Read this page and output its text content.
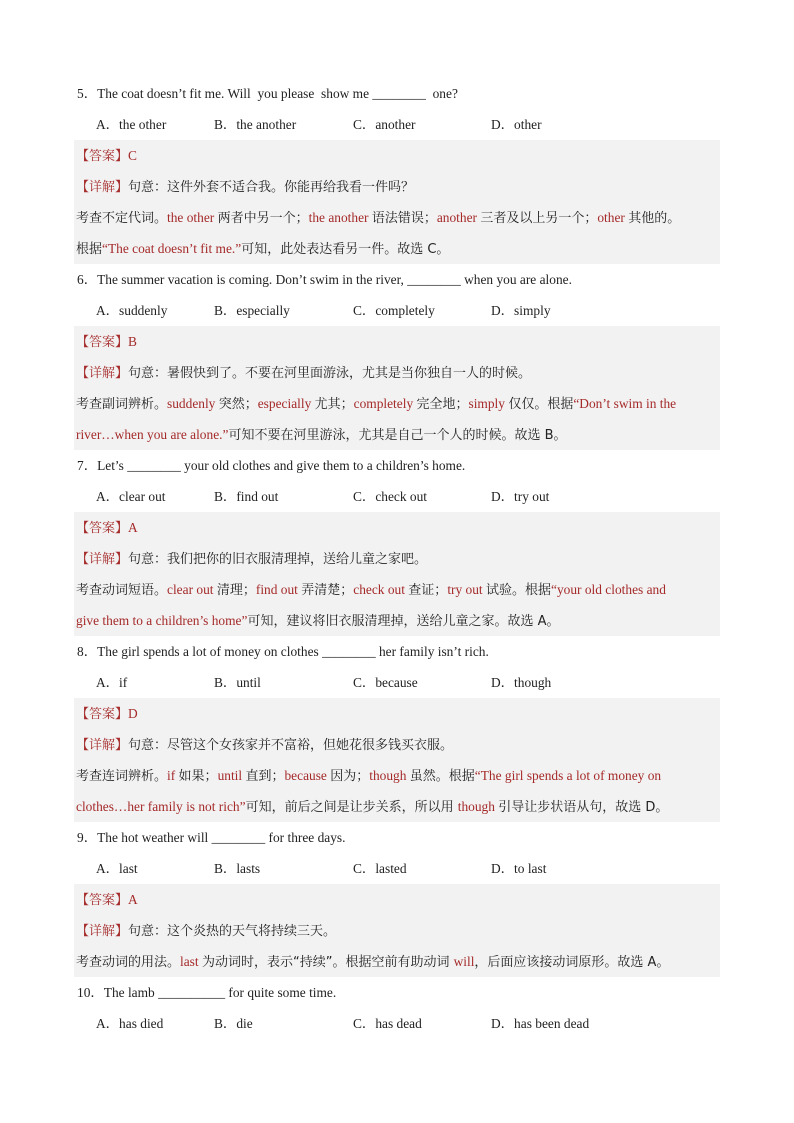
5．The coat doesn’t fit me. Will  you please  show me ________  one?
A．the other	B．the another	C．another	D．other
【答案】C
【详解】句意：这件外套不适合我。你能再给我看一件吗？
考查不定代词。the other 两者中另一个；the another 语法错误；another 三者及以上另一个；other 其他的。
根据“The coat doesn’t fit me.”可知，此处表达看另一件。故选 C。
6．The summer vacation is coming. Don’t swim in the river, ________ when you are alone.
A．suddenly	B．especially	C．completely	D．simply
【答案】B
【详解】句意：暑假快到了。不要在河里面游泳，尤其是当你独自一人的时候。
考查副词辨析。suddenly 突然；especially 尤其；completely 完全地；simply 仅仅。根据“Don’t swim in the
river…when you are alone.”可知不要在河里游泳，尤其是自己一个人的时候。故选 B。
7．Let’s ________ your old clothes and give them to a children’s home.
A．clear out	B．find out	C．check out	D．try out
【答案】A
【详解】句意：我们把你的旧衣服清理掉，送给儿童之家吧。
考查动词短语。clear out 清理；find out 弄清楚；check out 查证；try out 试验。根据“your old clothes and
give them to a children’s home”可知，建议将旧衣服清理掉，送给儿童之家。故选 A。
8．The girl spends a lot of money on clothes ________ her family isn’t rich.
A．if	B．until	C．because	D．though
【答案】D
【详解】句意：尽管这个女孩家并不富裕，但她花很多钱买衣服。
考查连词辨析。if 如果；until 直到；because 因为；though 虽然。根据“The girl spends a lot of money on
clothes…her family is not rich”可知，前后之间是让步关系，所以用 though 引导让步状语从句，故选 D。
9．The hot weather will ________ for three days.
A．last	B．lasts	C．lasted	D．to last
【答案】A
【详解】句意：这个炎热的天气将持续三天。
考查动词的用法。last 为动词时，表示“持续”。根据空前有助动词 will，后面应该接动词原形。故选 A。
10．The lamb __________ for quite some time.
A．has died	B．die	C．has dead	D．has been dead
